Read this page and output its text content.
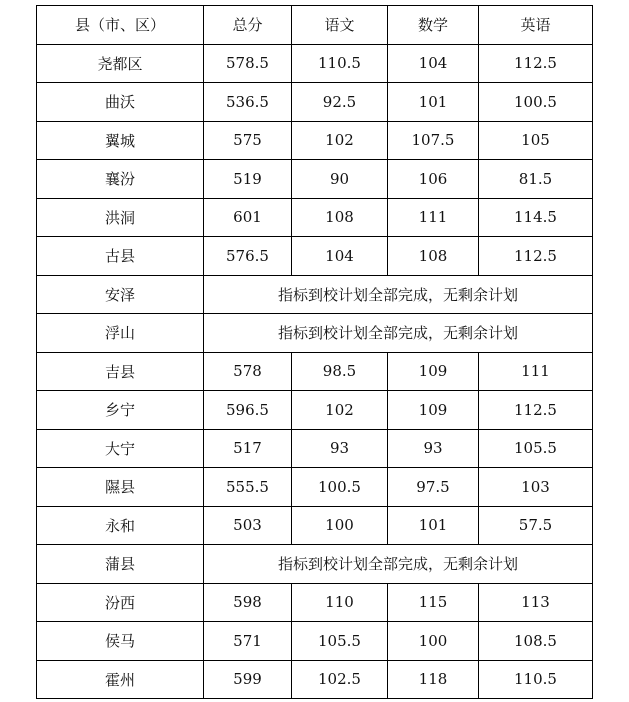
县（市、区）	总分	语文	数学	英语
尧都区	578.5	110.5	104	112.5
曲沃	536.5	92.5	101	100.5
翼城	575	102	107.5	105
襄汾	519	90	106	81.5
洪洞	601	108	111	114.5
古县	576.5	104	108	112.5
安泽	指标到校计划全部完成，无剩余计划			
浮山	指标到校计划全部完成，无剩余计划			
吉县	578	98.5	109	111
乡宁	596.5	102	109	112.5
大宁	517	93	93	105.5
隰县	555.5	100.5	97.5	103
永和	503	100	101	57.5
蒲县	指标到校计划全部完成，无剩余计划			
汾西	598	110	115	113
侯马	571	105.5	100	108.5
霍州	599	102.5	118	110.5
